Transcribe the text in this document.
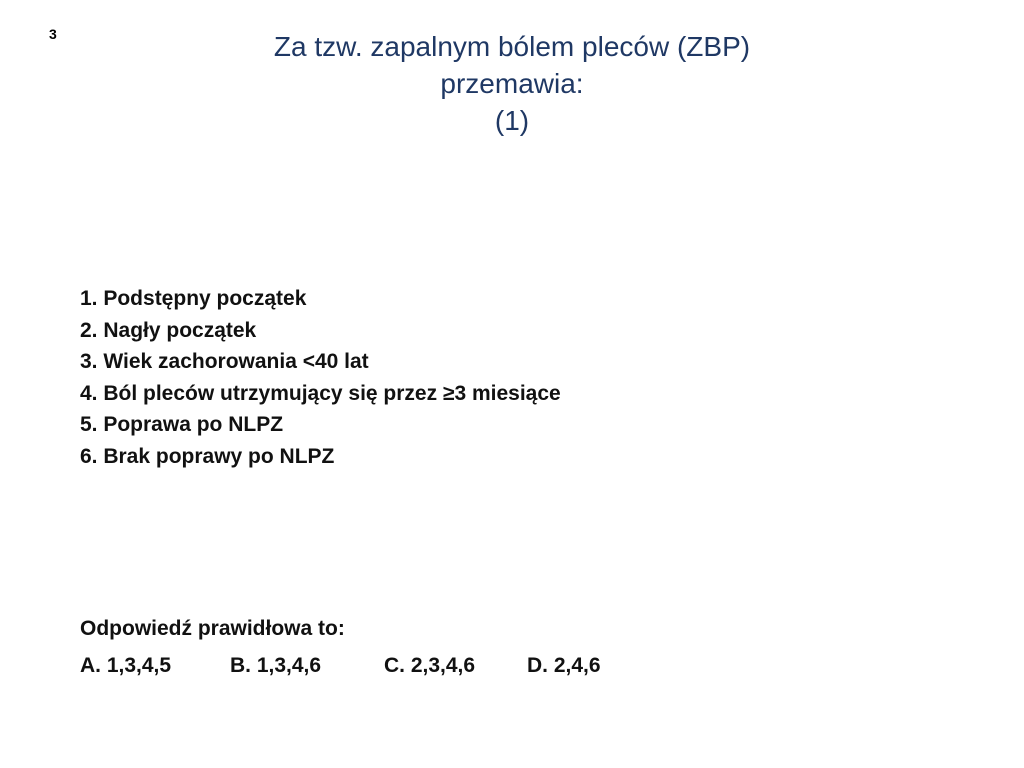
3	Za tzw. zapalnym bólem pleców (ZBP)
przemawia:
(1)
1. Podstępny początek
2. Nagły początek
3. Wiek zachorowania <40 lat
4. Ból pleców utrzymujący się przez ≥3 miesiące
5. Poprawa po NLPZ
6. Brak poprawy po NLPZ
Odpowiedź prawidłowa to:
A. 1,3,4,5	B. 1,3,4,6	C. 2,3,4,6 D. 2,4,6
